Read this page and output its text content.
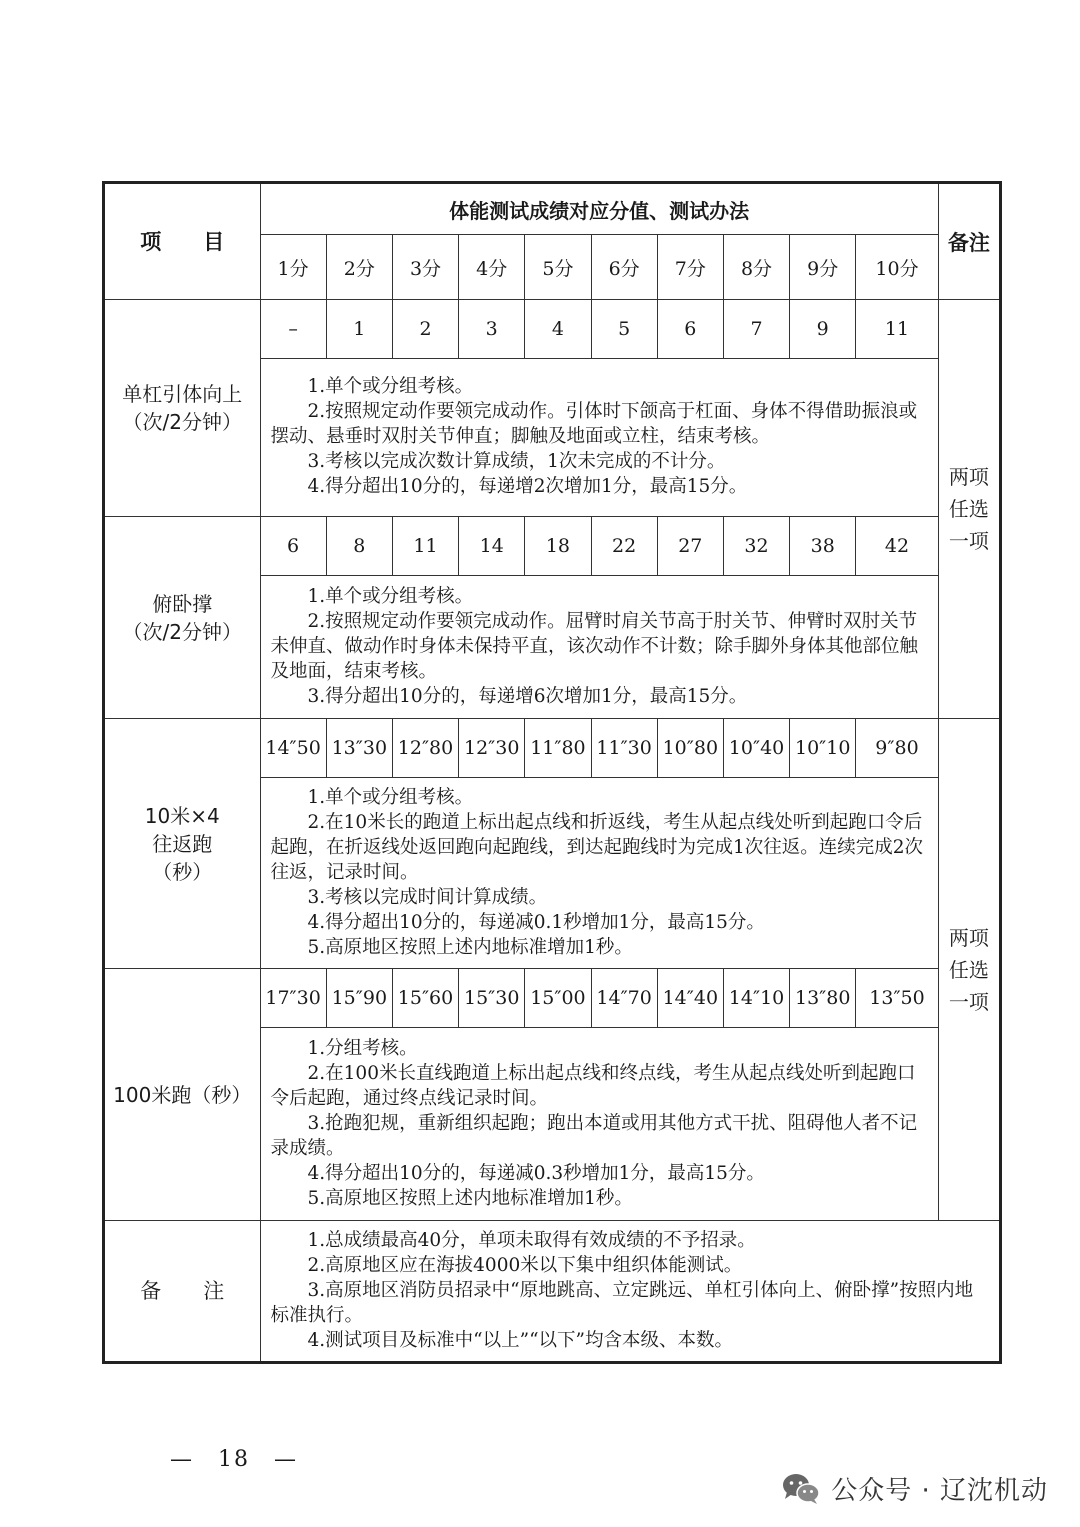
项　　目	体能测试成绩对应分值、测试办法										备注
	1分	2分	3分	4分	5分	6分	7分	8分	9分	10分	

单杠引体向上
（次/2分钟）	–	1	2	3	4	5	6	7	9	11	两项
任选
一项

	1.单个或分组考核。
2.按照规定动作要领完成动作。引体时下颌高于杠面、身体不得借助振浪或摆动、悬垂时双肘关节伸直；脚触及地面或立柱，结束考核。
3.考核以完成次数计算成绩，1次未完成的不计分。
4.得分超出10分的，每递增2次增加1分，最高15分。										

俯卧撑
（次/2分钟）	6	8	11	14	18	22	27	32	38	42	

	1.单个或分组考核。
2.按照规定动作要领完成动作。屈臂时肩关节高于肘关节、伸臂时双肘关节未伸直、做动作时身体未保持平直，该次动作不计数；除手脚外身体其他部位触及地面，结束考核。
3.得分超出10分的，每递增6次增加1分，最高15分。										

10米×4
往返跑
（秒）	14″50	13″30	12″80	12″30	11″80	11″30	10″80	10″40	10″10	9″80	两项
任选
一项

	1.单个或分组考核。
2.在10米长的跑道上标出起点线和折返线，考生从起点线处听到起跑口令后起跑，在折返线处返回跑向起跑线，到达起跑线时为完成1次往返。连续完成2次往返，记录时间。
3.考核以完成时间计算成绩。
4.得分超出10分的，每递减0.1秒增加1分，最高15分。
5.高原地区按照上述内地标准增加1秒。										

100米跑（秒）	17″30	15″90	15″60	15″30	15″00	14″70	14″40	14″10	13″80	13″50	

	1.分组考核。
2.在100米长直线跑道上标出起点线和终点线，考生从起点线处听到起跑口令后起跑，通过终点线记录时间。
3.抢跑犯规，重新组织起跑；跑出本道或用其他方式干扰、阻碍他人者不记录成绩。
4.得分超出10分的，每递减0.3秒增加1分，最高15分。
5.高原地区按照上述内地标准增加1秒。										

备　　注	1.总成绩最高40分，单项未取得有效成绩的不予招录。
2.高原地区应在海拔4000米以下集中组织体能测试。
3.高原地区消防员招录中“原地跳高、立定跳远、单杠引体向上、俯卧撑”按照内地标准执行。
4.测试项目及标准中“以上”“以下”均含本级、本数。										
—　18　—
公众号 · 辽沈机动
